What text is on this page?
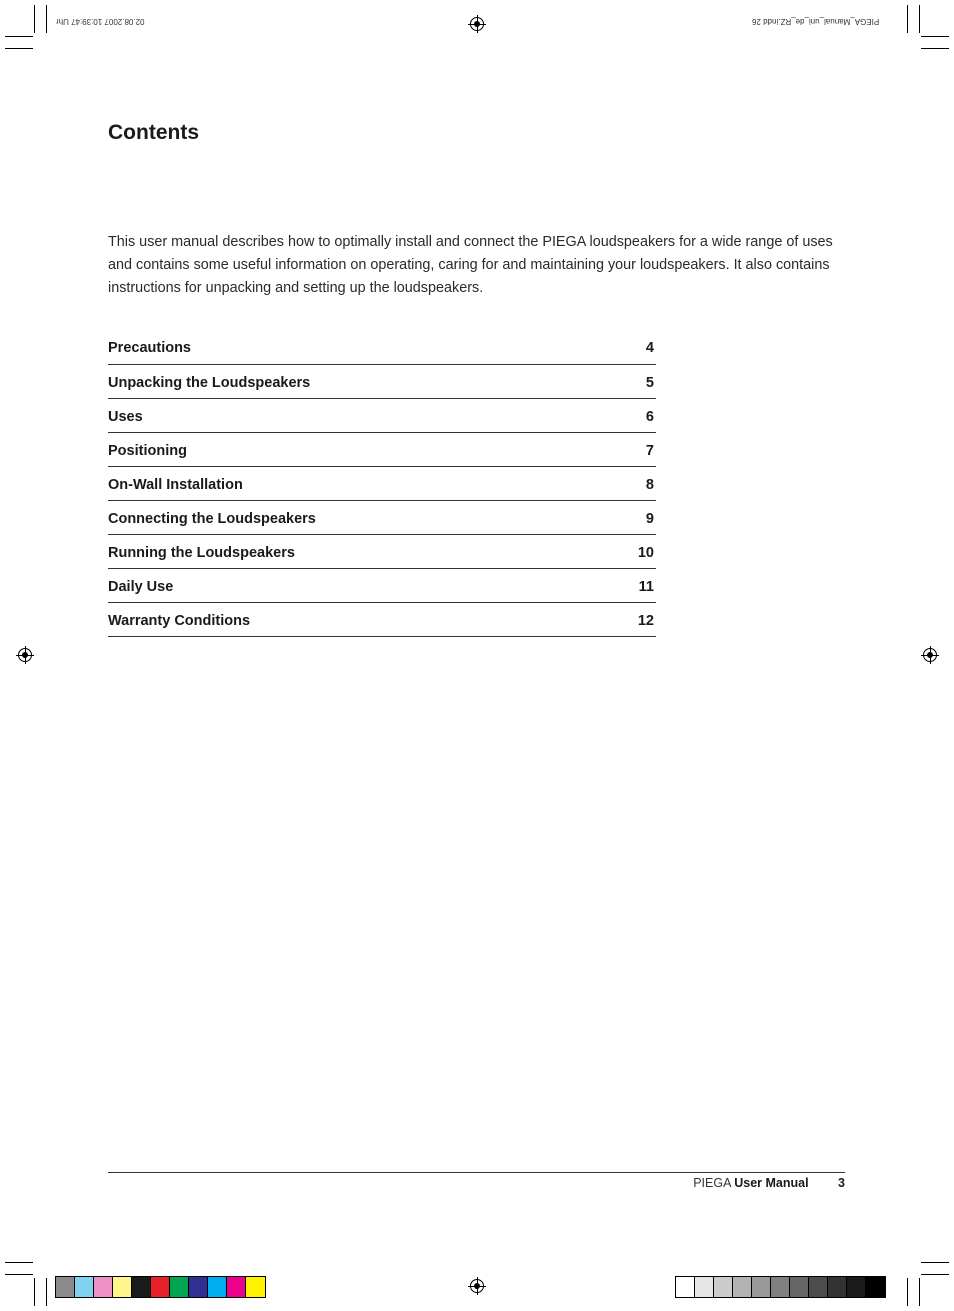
02.08.2007 10:39:47 Uhr	PIEGA_Manual_uni_de_RZ.indd 26
Contents

This user manual describes how to optimally install and connect the PIEGA loudspeakers for a wide range of uses and contains some useful information on operating, caring for and maintaining your loudspeakers. It also contains instructions for unpacking and setting up the loudspeakers.

Precautions	4
Unpacking the Loudspeakers	5
Uses	6
Positioning	7
On-Wall Installation	8
Connecting the Loudspeakers	9
Running the Loudspeakers	10
Daily Use	11
Warranty Conditions	12
PIEGA User Manual 3
